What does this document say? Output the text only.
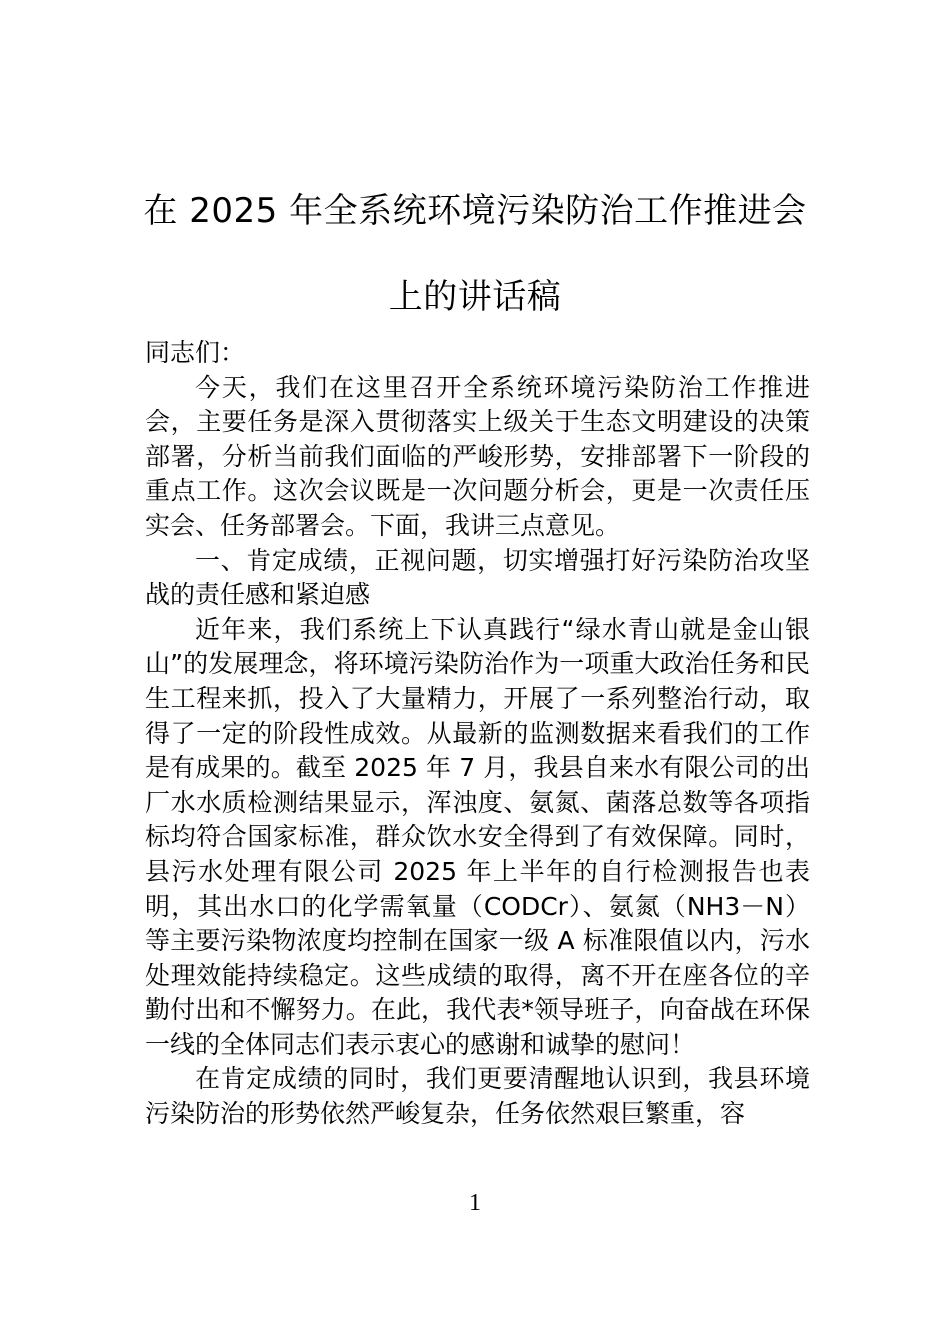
在 2025 年全系统环境污染防治工作推进会
上的讲话稿

同志们：

今天，我们在这里召开全系统环境污染防治工作推进会，主要任务是深入贯彻落实上级关于生态文明建设的决策部署，分析当前我们面临的严峻形势，安排部署下一阶段的重点工作。这次会议既是一次问题分析会，更是一次责任压实会、任务部署会。下面，我讲三点意见。

一、肯定成绩，正视问题，切实增强打好污染防治攻坚战的责任感和紧迫感

近年来，我们系统上下认真践行“绿水青山就是金山银山”的发展理念，将环境污染防治作为一项重大政治任务和民生工程来抓，投入了大量精力，开展了一系列整治行动，取得了一定的阶段性成效。从最新的监测数据来看我们的工作是有成果的。截至 2025 年 7 月，我县自来水有限公司的出厂水水质检测结果显示，浑浊度、氨氮、菌落总数等各项指标均符合国家标准，群众饮水安全得到了有效保障。同时，县污水处理有限公司 2025 年上半年的自行检测报告也表明，其出水口的化学需氧量（CODCr）、氨氮（NH3－N）等主要污染物浓度均控制在国家一级 A 标准限值以内，污水处理效能持续稳定。这些成绩的取得，离不开在座各位的辛勤付出和不懈努力。在此，我代表*领导班子，向奋战在环保一线的全体同志们表示衷心的感谢和诚挚的慰问！

在肯定成绩的同时，我们更要清醒地认识到，我县环境污染防治的形势依然严峻复杂，任务依然艰巨繁重，容

1
